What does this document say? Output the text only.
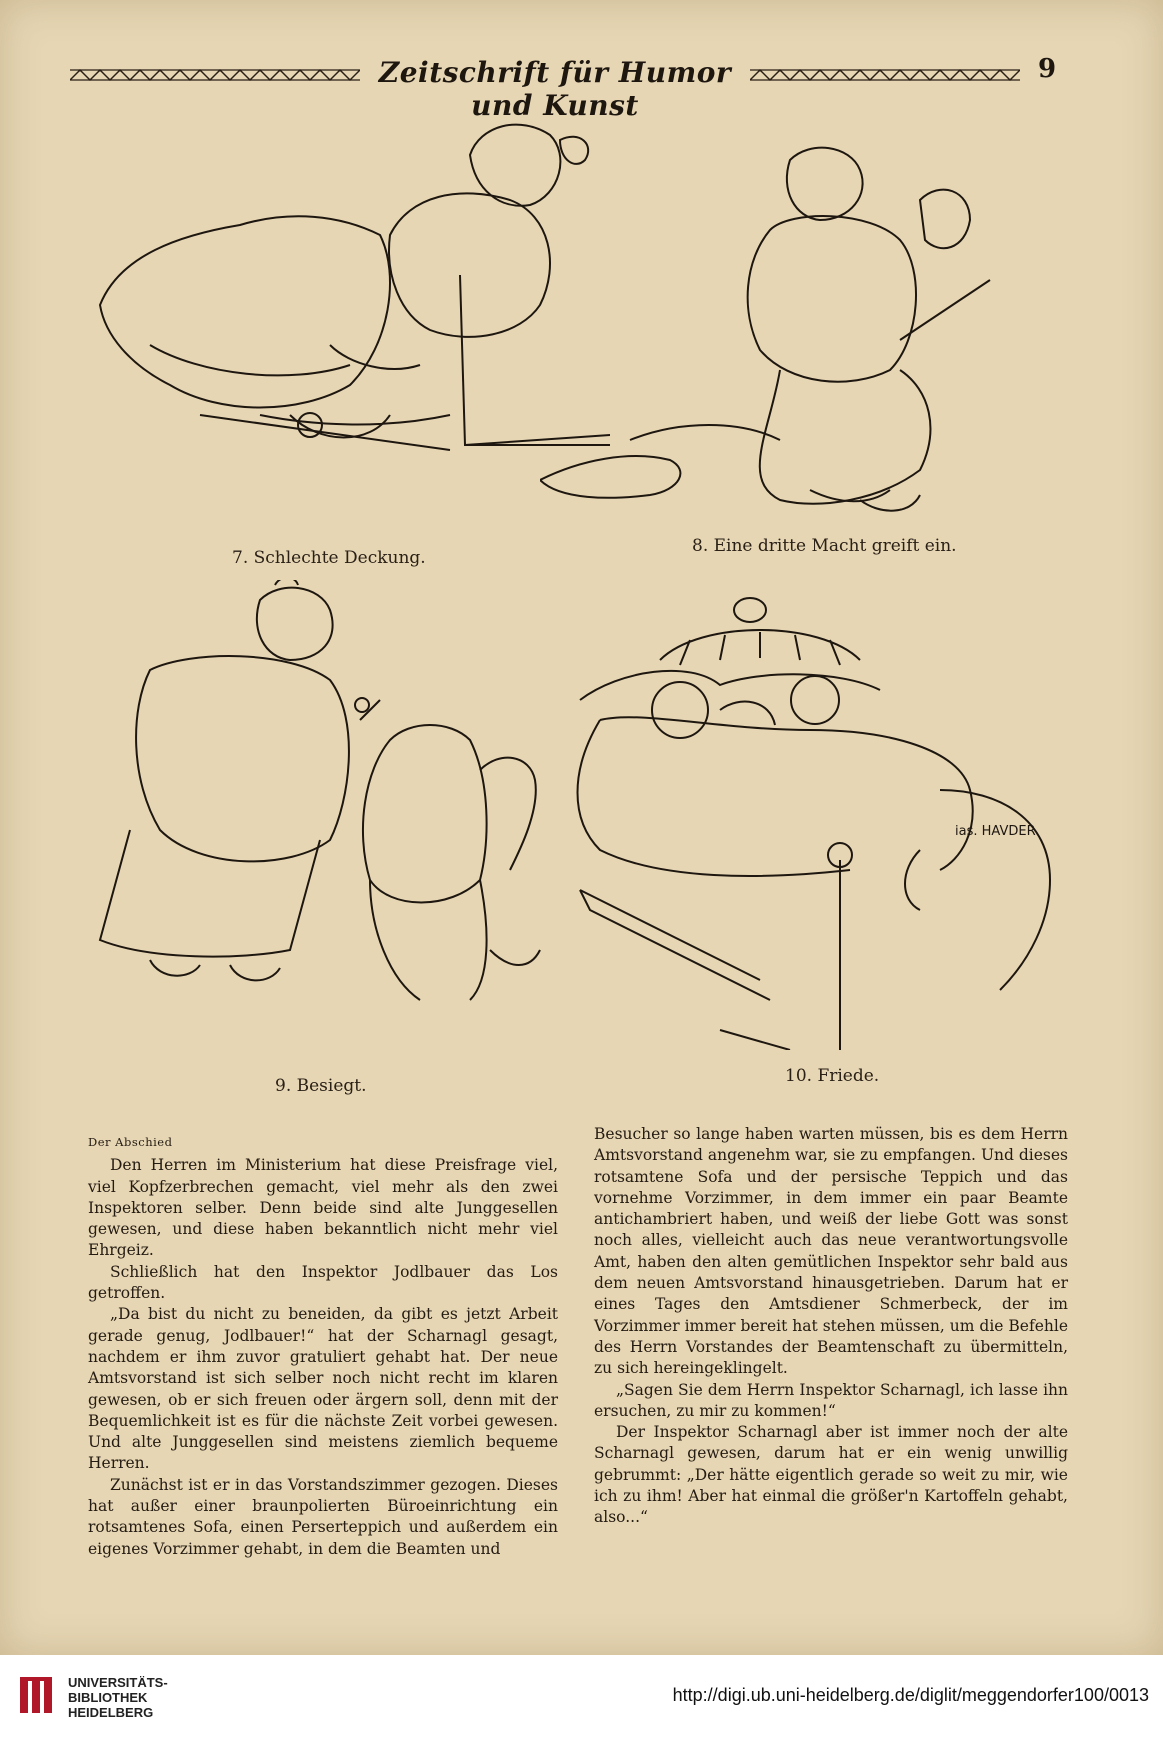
Zeitschrift für Humor und Kunst
9
7. Schlechte Deckung.
8. Eine dritte Macht greift ein.
ias. HAVDER
9. Besiegt.	10. Friede.

Der Abschied

Den Herren im Ministerium hat diese Preisfrage viel, viel Kopfzerbrechen gemacht, viel mehr als den zwei Inspektoren selber. Denn beide sind alte Junggesellen gewesen, und diese haben bekanntlich nicht mehr viel Ehrgeiz.

Schließlich hat den Inspektor Jodlbauer das Los getroffen.

„Da bist du nicht zu beneiden, da gibt es jetzt Arbeit gerade genug, Jodlbauer!“ hat der Scharnagl gesagt, nachdem er ihm zuvor gratuliert gehabt hat. Der neue Amtsvorstand ist sich selber noch nicht recht im klaren gewesen, ob er sich freuen oder ärgern soll, denn mit der Bequemlichkeit ist es für die nächste Zeit vorbei gewesen. Und alte Junggesellen sind meistens ziemlich bequeme Herren.

Zunächst ist er in das Vorstandszimmer gezogen. Dieses hat außer einer braunpolierten Büroeinrichtung ein rotsamtenes Sofa, einen Perserteppich und außerdem ein eigenes Vorzimmer gehabt, in dem die Beamten und

Besucher so lange haben warten müssen, bis es dem Herrn Amtsvorstand angenehm war, sie zu empfangen. Und dieses rotsamtene Sofa und der persische Teppich und das vornehme Vorzimmer, in dem immer ein paar Beamte antichambriert haben, und weiß der liebe Gott was sonst noch alles, vielleicht auch das neue verantwortungsvolle Amt, haben den alten gemütlichen Inspektor sehr bald aus dem neuen Amtsvorstand hinausgetrieben. Darum hat er eines Tages den Amtsdiener Schmerbeck, der im Vorzimmer immer bereit hat stehen müssen, um die Befehle des Herrn Vorstandes der Beamtenschaft zu übermitteln, zu sich hereingeklingelt.

„Sagen Sie dem Herrn Inspektor Scharnagl, ich lasse ihn ersuchen, zu mir zu kommen!“

Der Inspektor Scharnagl aber ist immer noch der alte Scharnagl gewesen, darum hat er ein wenig unwillig gebrummt: „Der hätte eigentlich gerade so weit zu mir, wie ich zu ihm! Aber hat einmal die größer'n Kartoffeln gehabt, also...“

UNIVERSITÄTS-
BIBLIOTHEK
HEIDELBERG
http://digi.ub.uni-heidelberg.de/diglit/meggendorfer100/0013
